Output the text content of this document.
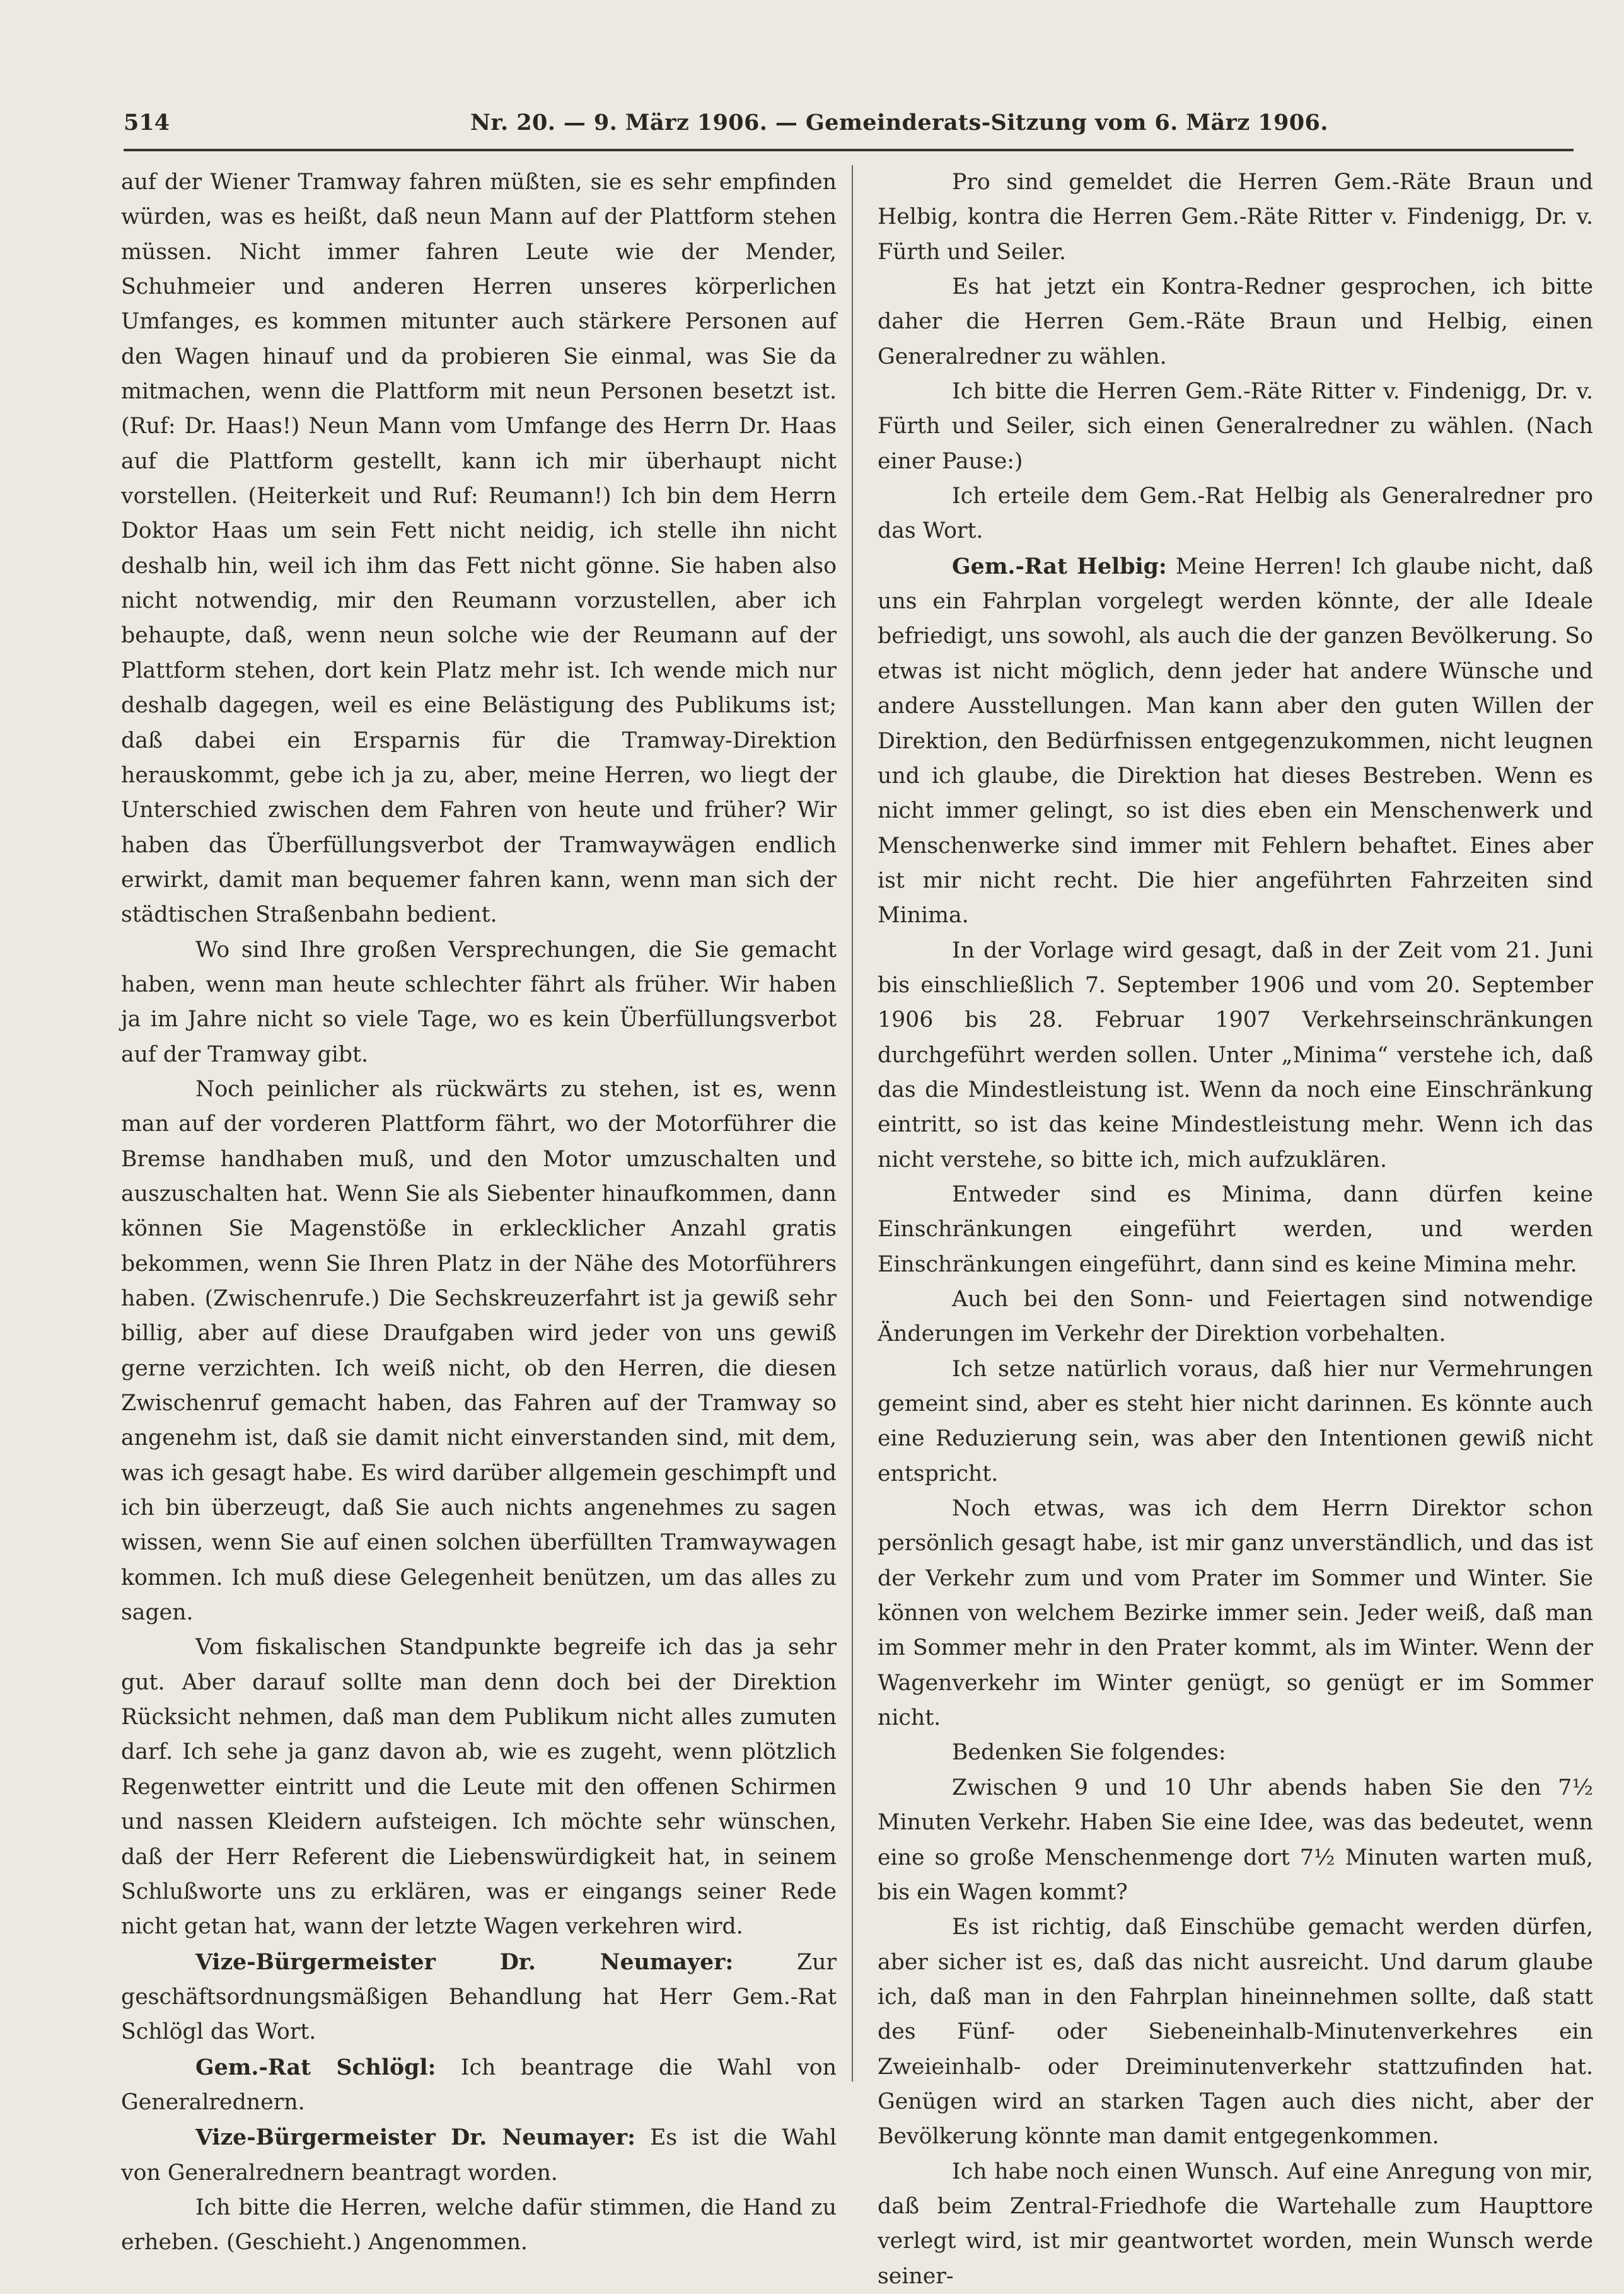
514	Nr. 20. — 9. März 1906. — Gemeinderats-Sitzung vom 6. März 1906.

auf der Wiener Tramway fahren müßten, sie es sehr empfinden würden, was es heißt, daß neun Mann auf der Plattform stehen müssen. Nicht immer fahren Leute wie der Mender, Schuhmeier und anderen Herren unseres körperlichen Umfanges, es kommen mitunter auch stärkere Personen auf den Wagen hinauf und da probieren Sie einmal, was Sie da mitmachen, wenn die Plattform mit neun Personen besetzt ist. (Ruf: Dr. Haas!) Neun Mann vom Umfange des Herrn Dr. Haas auf die Plattform gestellt, kann ich mir überhaupt nicht vorstellen. (Heiterkeit und Ruf: Reumann!) Ich bin dem Herrn Doktor Haas um sein Fett nicht neidig, ich stelle ihn nicht deshalb hin, weil ich ihm das Fett nicht gönne. Sie haben also nicht notwendig, mir den Reumann vorzustellen, aber ich behaupte, daß, wenn neun solche wie der Reumann auf der Plattform stehen, dort kein Platz mehr ist. Ich wende mich nur deshalb dagegen, weil es eine Belästigung des Publikums ist; daß dabei ein Ersparnis für die Tramway-Direktion herauskommt, gebe ich ja zu, aber, meine Herren, wo liegt der Unterschied zwischen dem Fahren von heute und früher? Wir haben das Überfüllungsverbot der Tramwaywägen endlich erwirkt, damit man bequemer fahren kann, wenn man sich der städtischen Straßenbahn bedient.

Wo sind Ihre großen Versprechungen, die Sie gemacht haben, wenn man heute schlechter fährt als früher. Wir haben ja im Jahre nicht so viele Tage, wo es kein Überfüllungsverbot auf der Tramway gibt.

Noch peinlicher als rückwärts zu stehen, ist es, wenn man auf der vorderen Plattform fährt, wo der Motorführer die Bremse handhaben muß, und den Motor umzuschalten und auszuschalten hat. Wenn Sie als Siebenter hinaufkommen, dann können Sie Magenstöße in erklecklicher Anzahl gratis bekommen, wenn Sie Ihren Platz in der Nähe des Motorführers haben. (Zwischenrufe.) Die Sechskreuzerfahrt ist ja gewiß sehr billig, aber auf diese Draufgaben wird jeder von uns gewiß gerne verzichten. Ich weiß nicht, ob den Herren, die diesen Zwischenruf gemacht haben, das Fahren auf der Tramway so angenehm ist, daß sie damit nicht einverstanden sind, mit dem, was ich gesagt habe. Es wird darüber allgemein geschimpft und ich bin überzeugt, daß Sie auch nichts angenehmes zu sagen wissen, wenn Sie auf einen solchen überfüllten Tramwaywagen kommen. Ich muß diese Gelegenheit benützen, um das alles zu sagen.

Vom fiskalischen Standpunkte begreife ich das ja sehr gut. Aber darauf sollte man denn doch bei der Direktion Rücksicht nehmen, daß man dem Publikum nicht alles zumuten darf. Ich sehe ja ganz davon ab, wie es zugeht, wenn plötzlich Regenwetter eintritt und die Leute mit den offenen Schirmen und nassen Kleidern aufsteigen. Ich möchte sehr wünschen, daß der Herr Referent die Liebenswürdigkeit hat, in seinem Schlußworte uns zu erklären, was er eingangs seiner Rede nicht getan hat, wann der letzte Wagen verkehren wird.

Vize-Bürgermeister Dr. Neumayer:	Zur geschäftsordnungsmäßigen Behandlung hat Herr Gem.-Rat Schlögl das Wort.

Gem.-Rat Schlögl: Ich beantrage die Wahl von Generalrednern.

Vize-Bürgermeister Dr. Neumayer: Es ist die Wahl von Generalrednern beantragt worden.

Ich bitte die Herren, welche dafür stimmen, die Hand zu erheben. (Geschieht.) Angenommen.

Pro sind gemeldet die Herren Gem.-Räte Braun und Helbig, kontra die Herren Gem.-Räte Ritter v. Findenigg, Dr. v. Fürth und Seiler.

Es hat jetzt ein Kontra-Redner gesprochen, ich bitte daher die Herren Gem.-Räte Braun und Helbig, einen Generalredner zu wählen.

Ich bitte die Herren Gem.-Räte Ritter v. Findenigg, Dr. v. Fürth und Seiler, sich einen Generalredner zu wählen. (Nach einer Pause:)

Ich erteile dem Gem.-Rat Helbig als Generalredner pro das Wort.

Gem.-Rat Helbig: Meine Herren! Ich glaube nicht, daß uns ein Fahrplan vorgelegt werden könnte, der alle Ideale befriedigt, uns sowohl, als auch die der ganzen Bevölkerung. So etwas ist nicht möglich, denn jeder hat andere Wünsche und andere Ausstellungen. Man kann aber den guten Willen der Direktion, den Bedürfnissen entgegenzukommen, nicht leugnen und ich glaube, die Direktion hat dieses Bestreben. Wenn es nicht immer gelingt, so ist dies eben ein Menschenwerk und Menschenwerke sind immer mit Fehlern behaftet. Eines aber ist mir nicht recht. Die hier angeführten Fahrzeiten sind Minima.

In der Vorlage wird gesagt, daß in der Zeit vom 21. Juni bis einschließlich 7. September 1906 und vom 20. September 1906 bis 28. Februar 1907 Verkehrseinschränkungen durchgeführt werden sollen. Unter „Minima“ verstehe ich, daß das die Mindestleistung ist. Wenn da noch eine Einschränkung eintritt, so ist das keine Mindestleistung mehr. Wenn ich das nicht verstehe, so bitte ich, mich aufzuklären.

Entweder sind es Minima, dann dürfen keine Einschränkungen eingeführt werden, und werden Einschränkungen eingeführt, dann sind es keine Mimina mehr.

Auch bei den Sonn- und Feiertagen sind notwendige Änderungen im Verkehr der Direktion vorbehalten.

Ich setze natürlich voraus, daß hier nur Vermehrungen gemeint sind, aber es steht hier nicht darinnen. Es könnte auch eine Reduzierung sein, was aber den Intentionen gewiß nicht entspricht.

Noch etwas, was ich dem Herrn Direktor schon persönlich gesagt habe, ist mir ganz unverständlich, und das ist der Verkehr zum und vom Prater im Sommer und Winter. Sie können von welchem Bezirke immer sein. Jeder weiß, daß man im Sommer mehr in den Prater kommt, als im Winter. Wenn der Wagenverkehr im Winter genügt, so genügt er im Sommer nicht.

Bedenken Sie folgendes:

Zwischen 9 und 10 Uhr abends haben Sie den 7½ Minuten Verkehr. Haben Sie eine Idee, was das bedeutet, wenn eine so große Menschenmenge dort 7½ Minuten warten muß, bis ein Wagen kommt?

Es ist richtig, daß Einschübe gemacht werden dürfen, aber sicher ist es, daß das nicht ausreicht. Und darum glaube ich, daß man in den Fahrplan hineinnehmen sollte, daß statt des Fünf- oder Siebeneinhalb-Minutenverkehres ein Zweieinhalb- oder Dreiminutenverkehr stattzufinden hat. Genügen wird an starken Tagen auch dies nicht, aber der Bevölkerung könnte man damit entgegenkommen.

Ich habe noch einen Wunsch. Auf eine Anregung von mir, daß beim Zentral-Friedhofe die Wartehalle zum Haupttore verlegt wird, ist mir geantwortet worden, mein Wunsch werde seiner-
